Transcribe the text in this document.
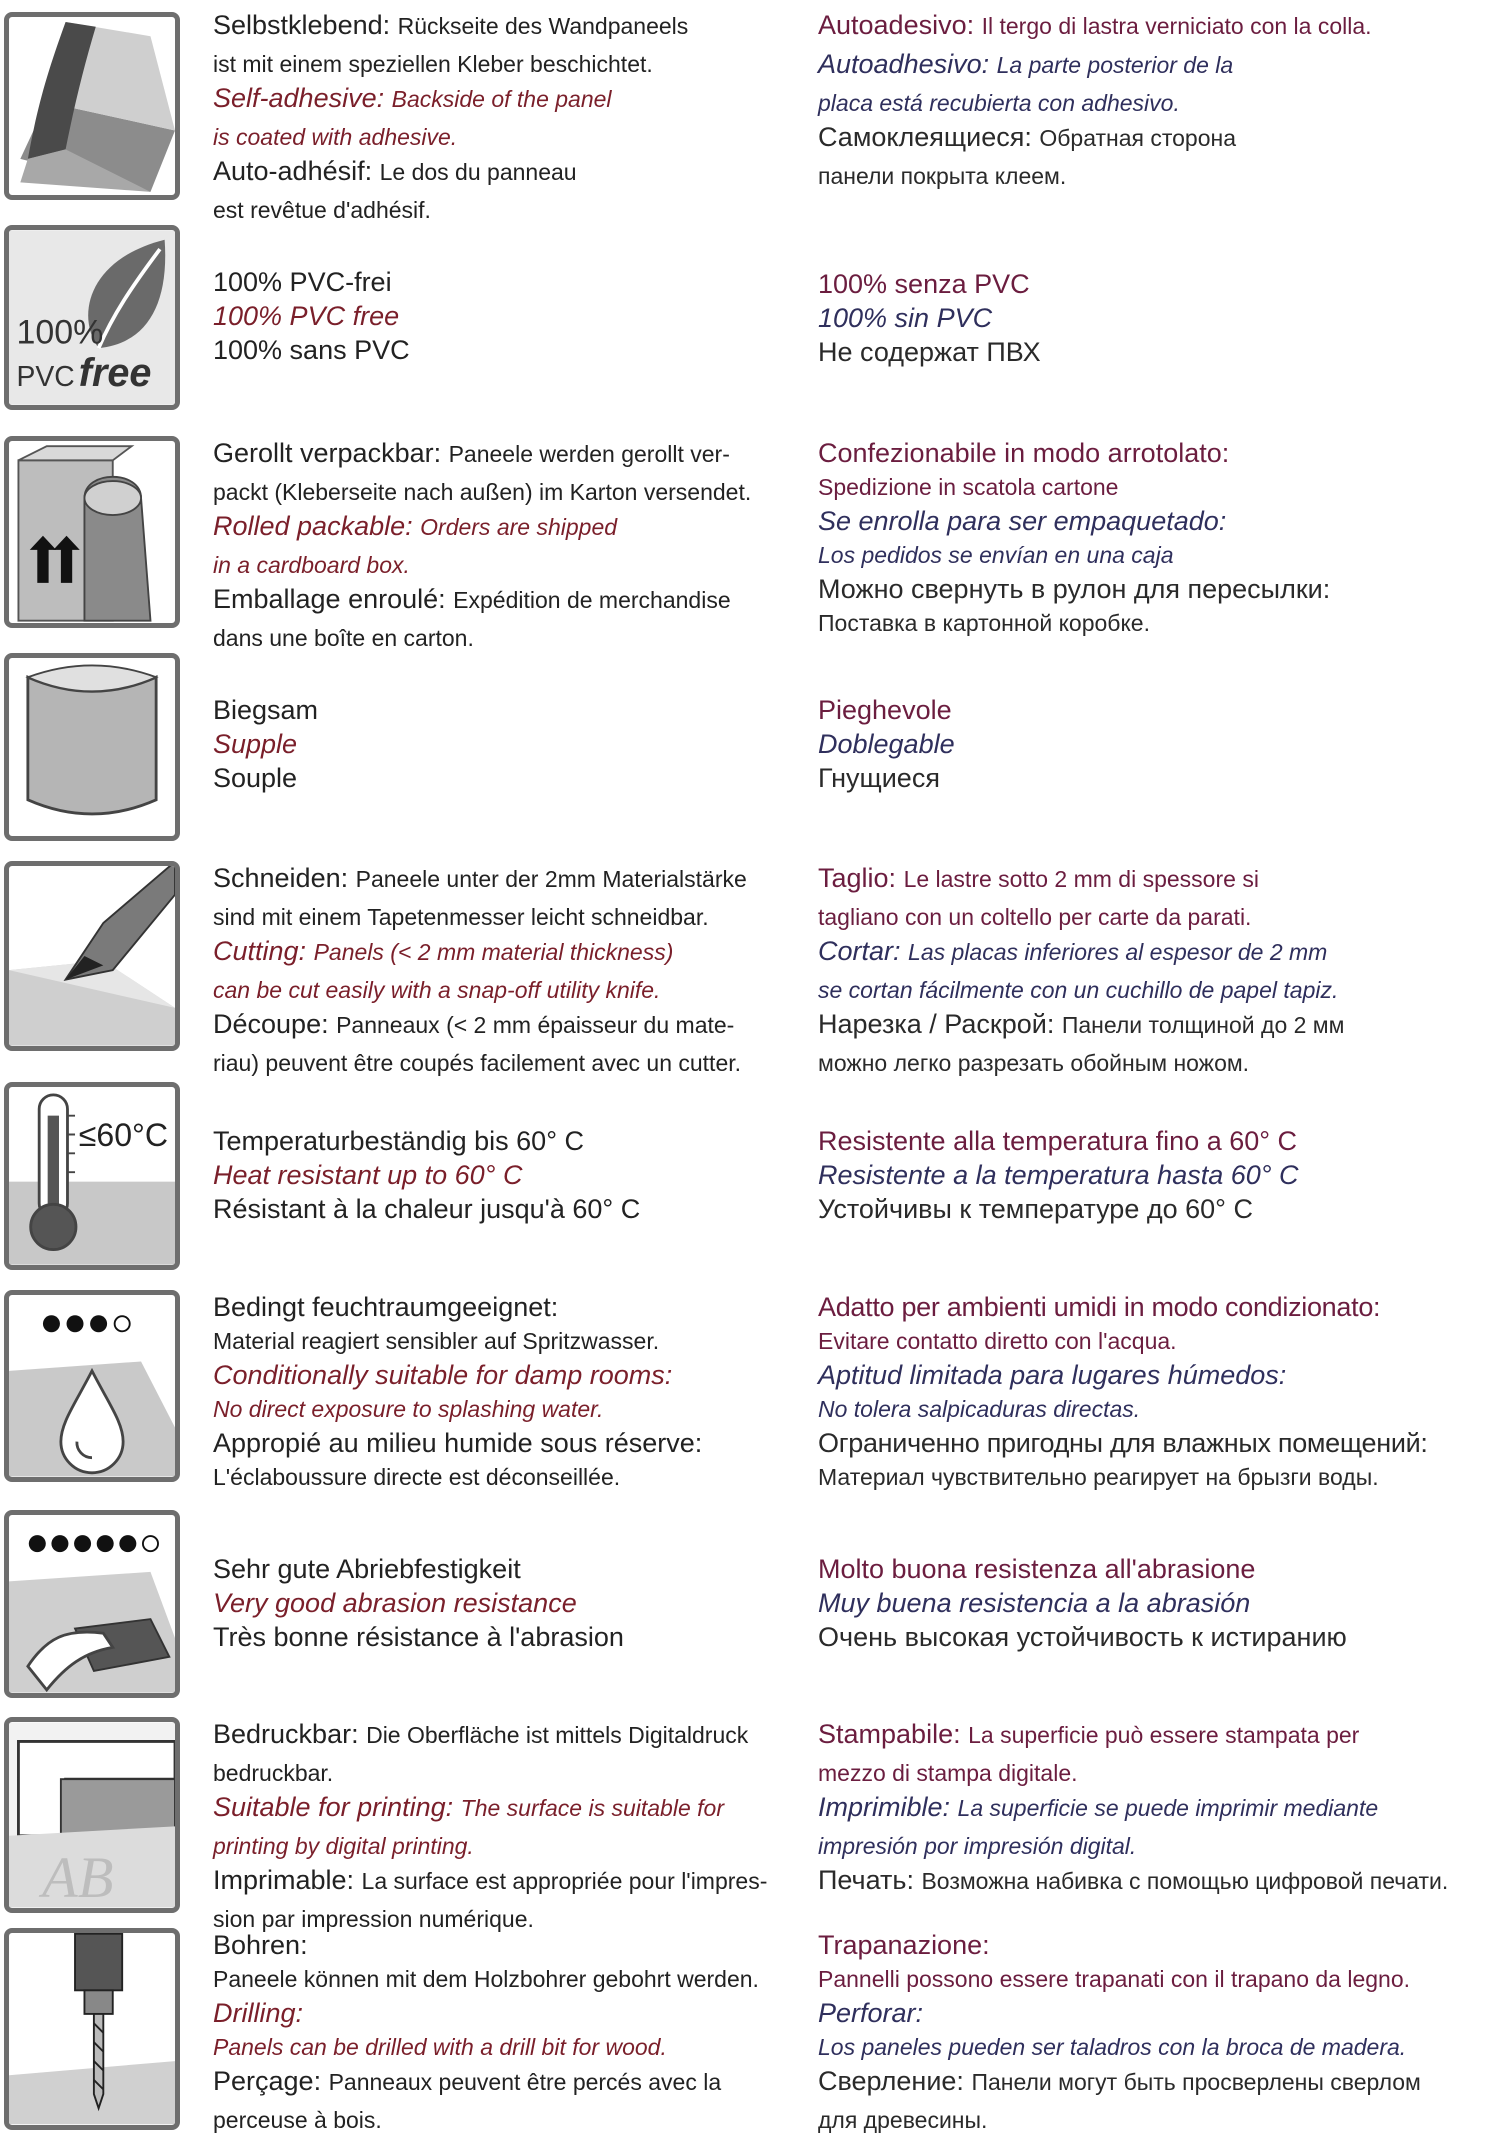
Selbstklebend: Rückseite des Wandpaneels
ist mit einem speziellen Kleber beschichtet.
Self-adhesive: Backside of the panel
is coated with adhesive.
Auto-adhésif: Le dos du panneau
est revêtue d'adhésif.
Autoadesivo: Il tergo di lastra verniciato con la colla.
Autoadhesivo: La parte posterior de la
placa está recubierta con adhesivo.
Самоклеящиеся: Обратная сторона
панели покрыта клеем.
100%
PVC free
100% PVC-frei
100% PVC free
100% sans PVC
100% senza PVC
100% sin PVC
Не содержат ПВХ
Gerollt verpackbar: Paneele werden gerollt ver-
packt (Kleberseite nach außen) im Karton versendet.
Rolled packable: Orders are shipped
in a cardboard box.
Emballage enroulé: Expédition de merchandise
dans une boîte en carton.
Confezionabile in modo arrotolato:
Spedizione in scatola cartone
Se enrolla para ser empaquetado:
Los pedidos se envían en una caja
Можно свернуть в рулон для пересылки:
Поставка в картонной коробке.
Biegsam
Supple
Souple
Pieghevole
Doblegable
Гнущиеся
Schneiden: Paneele unter der 2mm Materialstärke
sind mit einem Tapetenmesser leicht schneidbar.
Cutting: Panels (< 2 mm material thickness)
can be cut easily with a snap-off utility knife.
Découpe: Panneaux (< 2 mm épaisseur du mate-
riau) peuvent être coupés facilement avec un cutter.
Taglio: Le lastre sotto 2 mm di spessore si
tagliano con un coltello per carte da parati.
Cortar: Las placas inferiores al espesor de 2 mm
se cortan fácilmente con un cuchillo de papel tapiz.
Нарезка / Раскрой: Панели толщиной до 2 мм
можно легко разрезать обойным ножом.
≤60°C Temperaturbeständig bis 60° C
Heat resistant up to 60° C
Résistant à la chaleur jusqu'à 60° C
Resistente alla temperatura fino a 60° C
Resistente a la temperatura hasta 60° C
Устойчивы к температуре до 60° C
Bedingt feuchtraumgeeignet:
Material reagiert sensibler auf Spritzwasser.
Conditionally suitable for damp rooms:
No direct exposure to splashing water.
Appropié au milieu humide sous réserve:
L'éclaboussure directe est déconseillée.
Adatto per ambienti umidi in modo condizionato:
Evitare contatto diretto con l'acqua.
Aptitud limitada para lugares húmedos:
No tolera salpicaduras directas.
Ограниченно пригодны для влажных помещений:
Материал чувствительно реагирует на брызги воды.
Sehr gute Abriebfestigkeit
Very good abrasion resistance
Très bonne résistance à l'abrasion
Molto buona resistenza all'abrasione
Muy buena resistencia a la abrasión
Очень высокая устойчивость к истиранию
AB
Bedruckbar: Die Oberfläche ist mittels Digitaldruck
bedruckbar.
Suitable for printing: The surface is suitable for
printing by digital printing.
Imprimable: La surface est appropriée pour l'impres-
sion par impression numérique.
Stampabile: La superficie può essere stampata per
mezzo di stampa digitale.
Imprimible: La superficie se puede imprimir mediante
impresión por impresión digital.
Печать: Возможна набивка с помощью цифровой печати.
Bohren:
Paneele können mit dem Holzbohrer gebohrt werden.
Drilling:
Panels can be drilled with a drill bit for wood.
Perçage: Panneaux peuvent être percés avec la
perceuse à bois.
Trapanazione:
Pannelli possono essere trapanati con il trapano da legno.
Perforar:
Los paneles pueden ser taladros con la broca de madera.
Сверление: Панели могут быть просверлены сверлом
для древесины.
